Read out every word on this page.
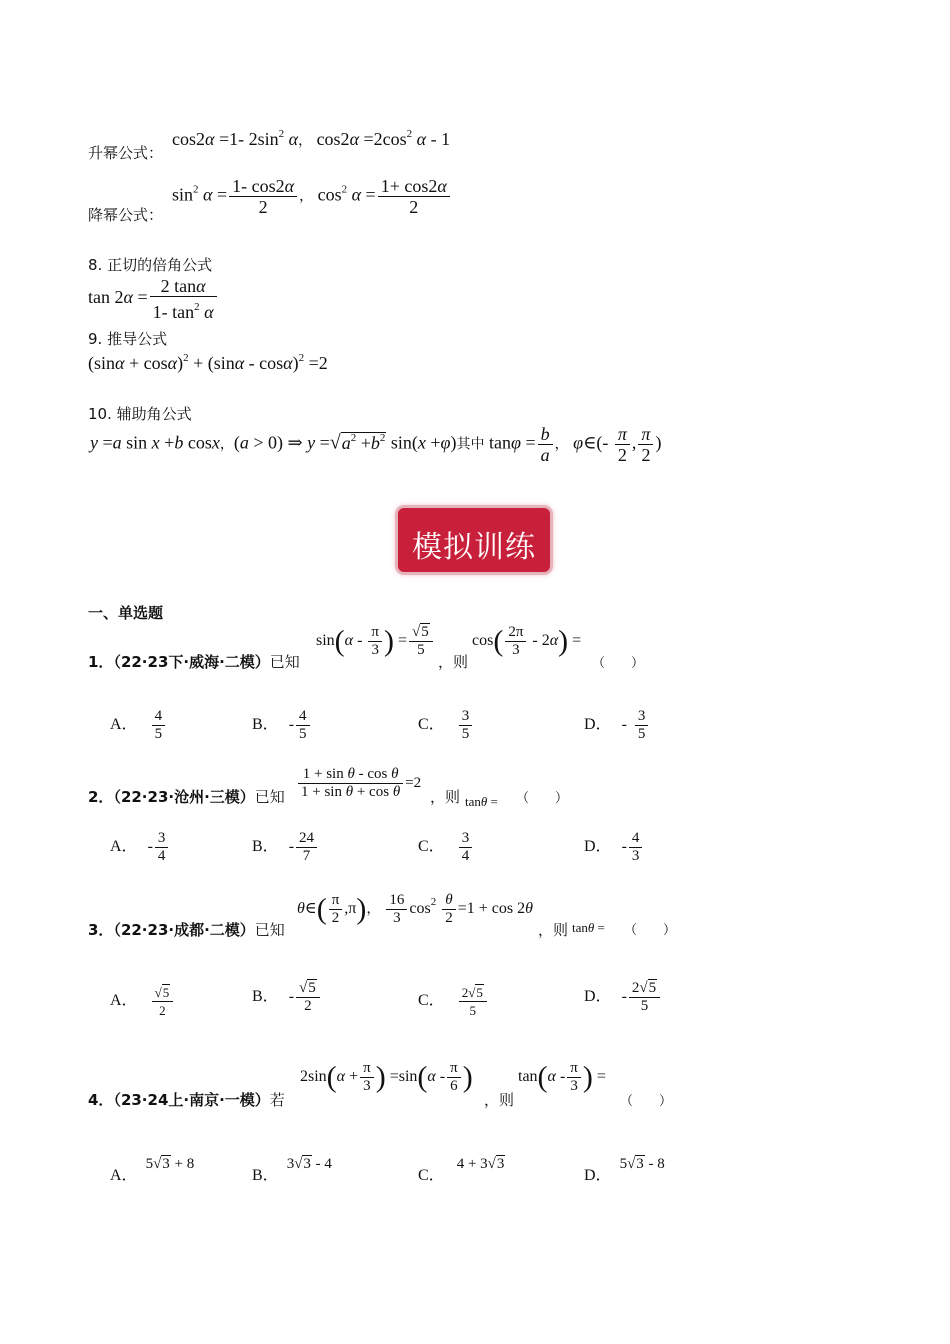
升幂公式：
cos2α =1- $2\sin^2$ α， $\cos 2\alpha =2\cos^2$ α - 1
降幂公式：
$\sin^2 \alpha = \frac{1- \cos 2\alpha}{2}$ ， $\cos^2 \alpha = \frac{1+ \cos 2\alpha}{2}$
8. 正切的倍角公式
$\tan 2\alpha = \frac{2 \tan\alpha}{1- \tan^2 \alpha}$
9. 推导公式
$(\sin\alpha + \cos\alpha)^2 + (\sin\alpha - \cos\alpha)^2 =2$
10. 辅助角公式
y =a sin x +b cosx，(a > 0) ⇒ $y =√a^2 +b^2$ sin(x +φ)其中 $\tan\varphi = \frac{b}{a}$ ， φ∈(- $\frac{\pi}{2}$ , $\frac{\pi}{2}$ )
模拟训练
一、单选题
1．（22·23下·威海·二模）已知
$\sin(\alpha - \frac{\pi}{3}$ ) = $\frac{√5}{5}$
，则
$\cos( \frac{2\pi}{3} - 2\alpha)$ =
（　　）
A． $\frac{4}{5}$	B． - $\frac{4}{5}$	C． $\frac{3}{5}$	D． - $\frac{3}{5}$
2．（22·23·沧州·三模）已知 $\frac{\text{1 + sin θ - cos θ}}{\text{1 + sin θ + cos θ}} =2$
，则 tanθ = （　　）
A． - $\frac{3}{4}$	B． - $\frac{24}{7}$	C． $\frac{3}{4}$	D． - $\frac{4}{3}$
3．（22·23·成都·二模）已知
θ∈( $\frac{\pi}{2} ,\pi$)， $\frac{16}{3} \cos^2 \frac{\theta}{2} =1 + \cos 2\theta$
，则 tanθ = （　　）
A． $\frac{√5}{2}$	B． - $\frac{√5}{2}$	C． $\frac{2√5}{5}$	D． - $\frac{2√5}{5}$
4．（23·24上·南京·一模）若
$2\sin(\alpha + \frac{\pi}{3}$ ) $=\sin(\alpha - \frac{\pi}{6}$ )
，则
$\tan(\alpha - \frac{\pi}{3}$ ) =
（　　）
A．5√3 + 8
B．3√3 - 4
C．4 + 3√3
D．5√3 - 8
